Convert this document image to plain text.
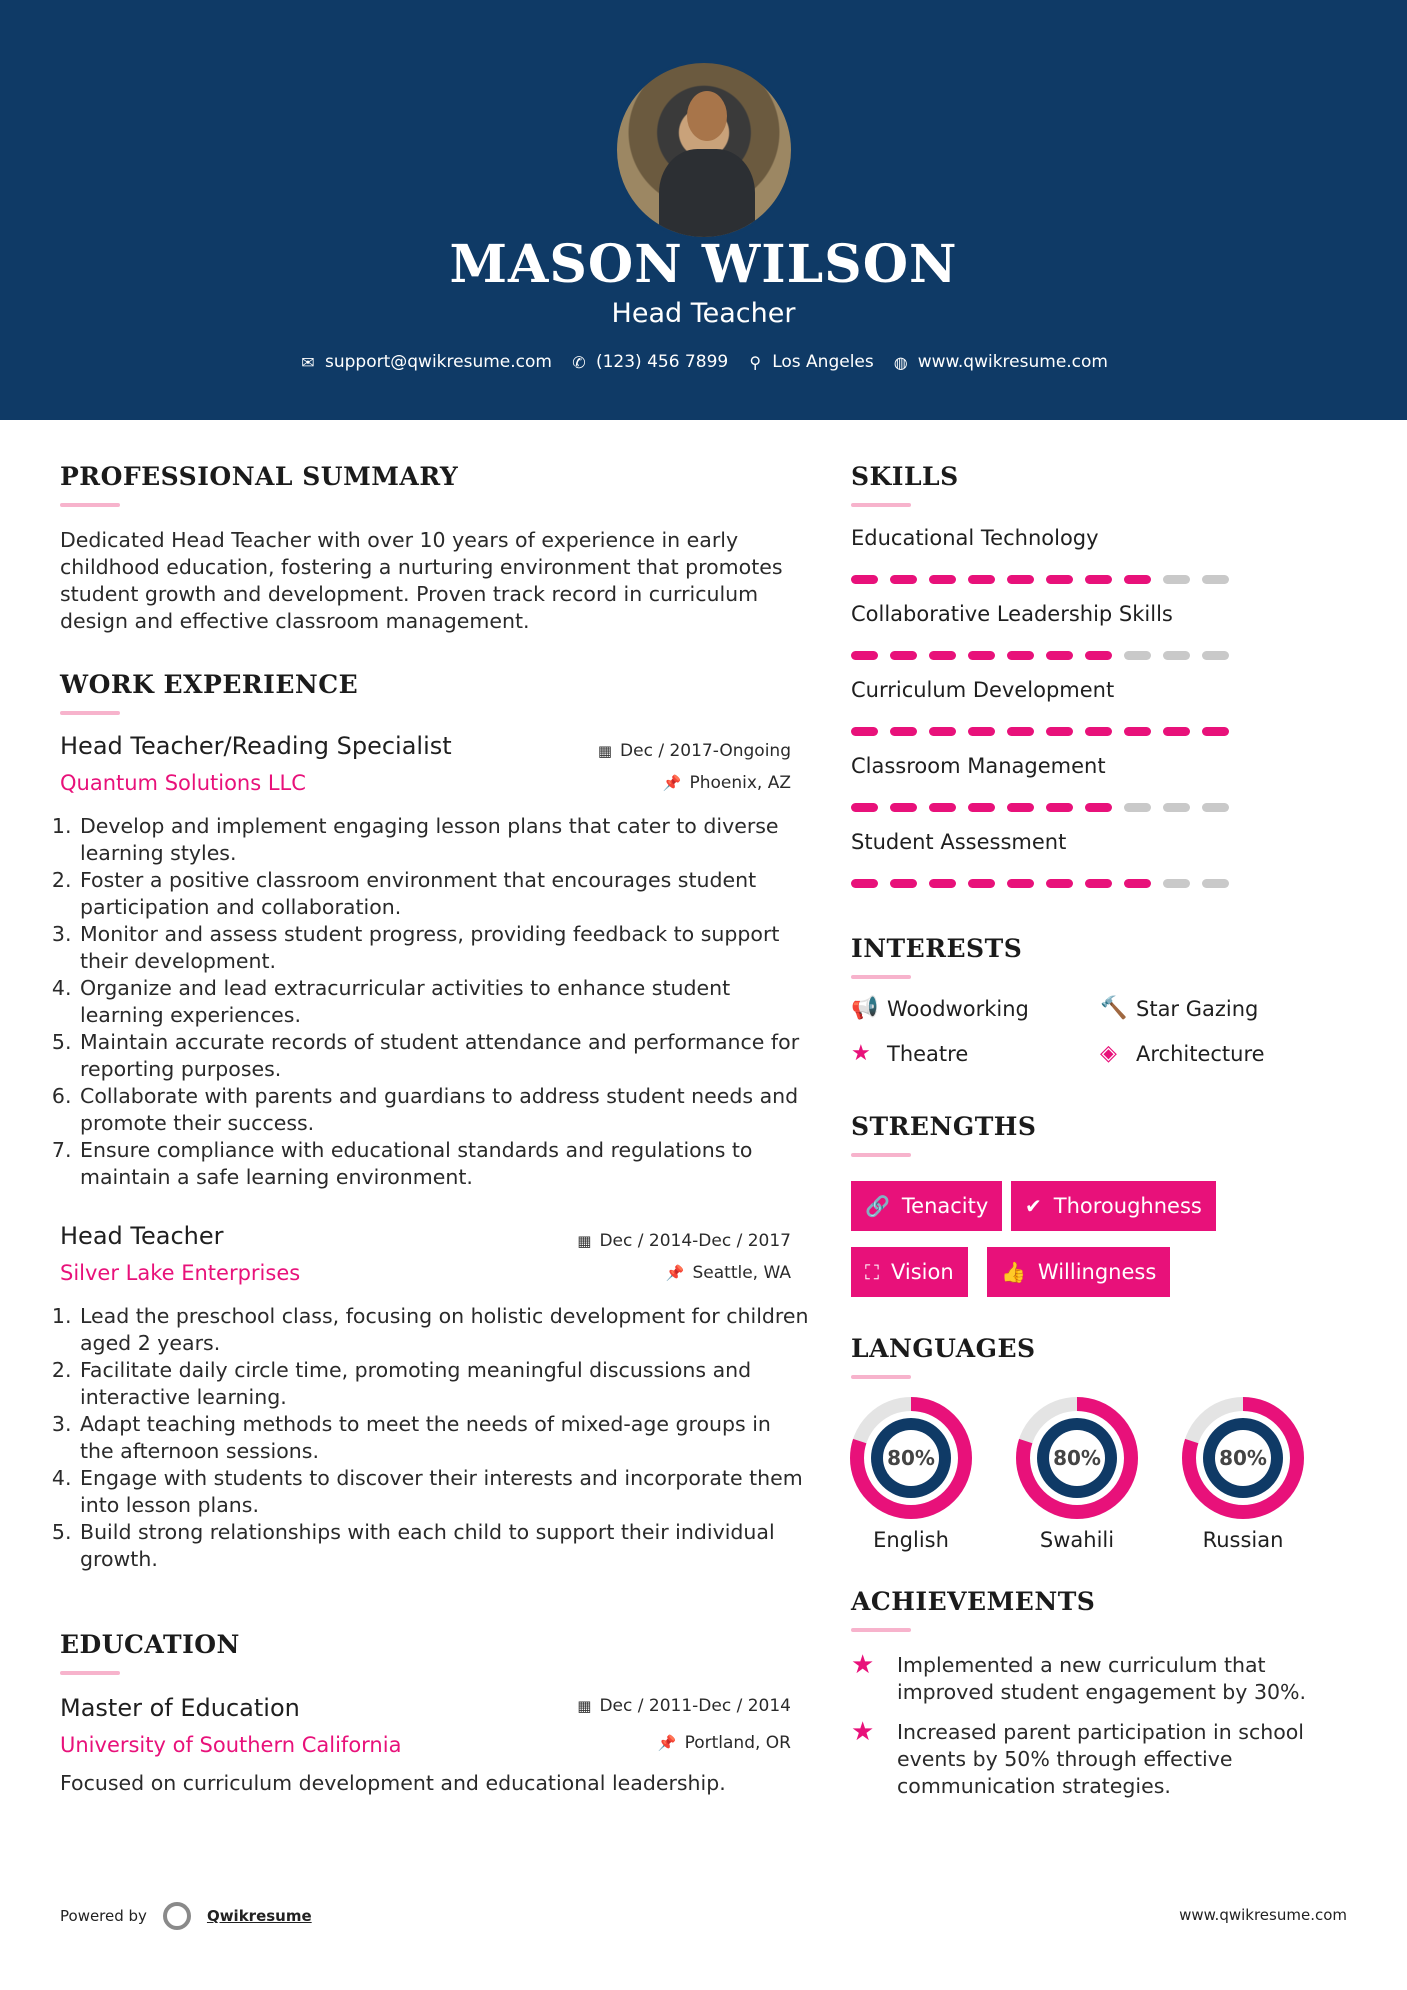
MASON WILSON
Head Teacher
✉ support@qwikresume.com ✆ (123) 456 7899 ⚲ Los Angeles ◍ www.qwikresume.com
PROFESSIONAL SUMMARY
Dedicated Head Teacher with over 10 years of experience in early childhood education, fostering a nurturing environment that promotes student growth and development. Proven track record in curriculum design and effective classroom management.
WORK EXPERIENCE
Head Teacher/Reading Specialist	▦ Dec / 2017-Ongoing
Quantum Solutions LLC	📌 Phoenix, AZ
1. Develop and implement engaging lesson plans that cater to diverse learning styles.
2. Foster a positive classroom environment that encourages student participation and collaboration.
3. Monitor and assess student progress, providing feedback to support their development.
4. Organize and lead extracurricular activities to enhance student learning experiences.
5. Maintain accurate records of student attendance and performance for reporting purposes.
6. Collaborate with parents and guardians to address student needs and promote their success.
7. Ensure compliance with educational standards and regulations to maintain a safe learning environment.
Head Teacher	▦ Dec / 2014-Dec / 2017
Silver Lake Enterprises	📌 Seattle, WA
1. Lead the preschool class, focusing on holistic development for children aged 2 years.
2. Facilitate daily circle time, promoting meaningful discussions and interactive learning.
3. Adapt teaching methods to meet the needs of mixed-age groups in the afternoon sessions.
4. Engage with students to discover their interests and incorporate them into lesson plans.
5. Build strong relationships with each child to support their individual growth.
EDUCATION
Master of Education	▦ Dec / 2011-Dec / 2014
University of Southern California	📌 Portland, OR
Focused on curriculum development and educational leadership.
SKILLS
Educational Technology
Collaborative Leadership Skills
Curriculum Development
Classroom Management
Student Assessment
INTERESTS
📢 Woodworking	🔨 Star Gazing
★ Theatre	◈ Architecture
STRENGTHS
🔗 Tenacity ✔ Thoroughness
⛶ Vision 👍 Willingness
LANGUAGES
80%
English
80%
Swahili
80%
Russian
ACHIEVEMENTS
★	Implemented a new curriculum that improved student engagement by 30%.
★	Increased parent participation in school events by 50% through effective communication strategies.
Powered by	Qwikresume	www.qwikresume.com
